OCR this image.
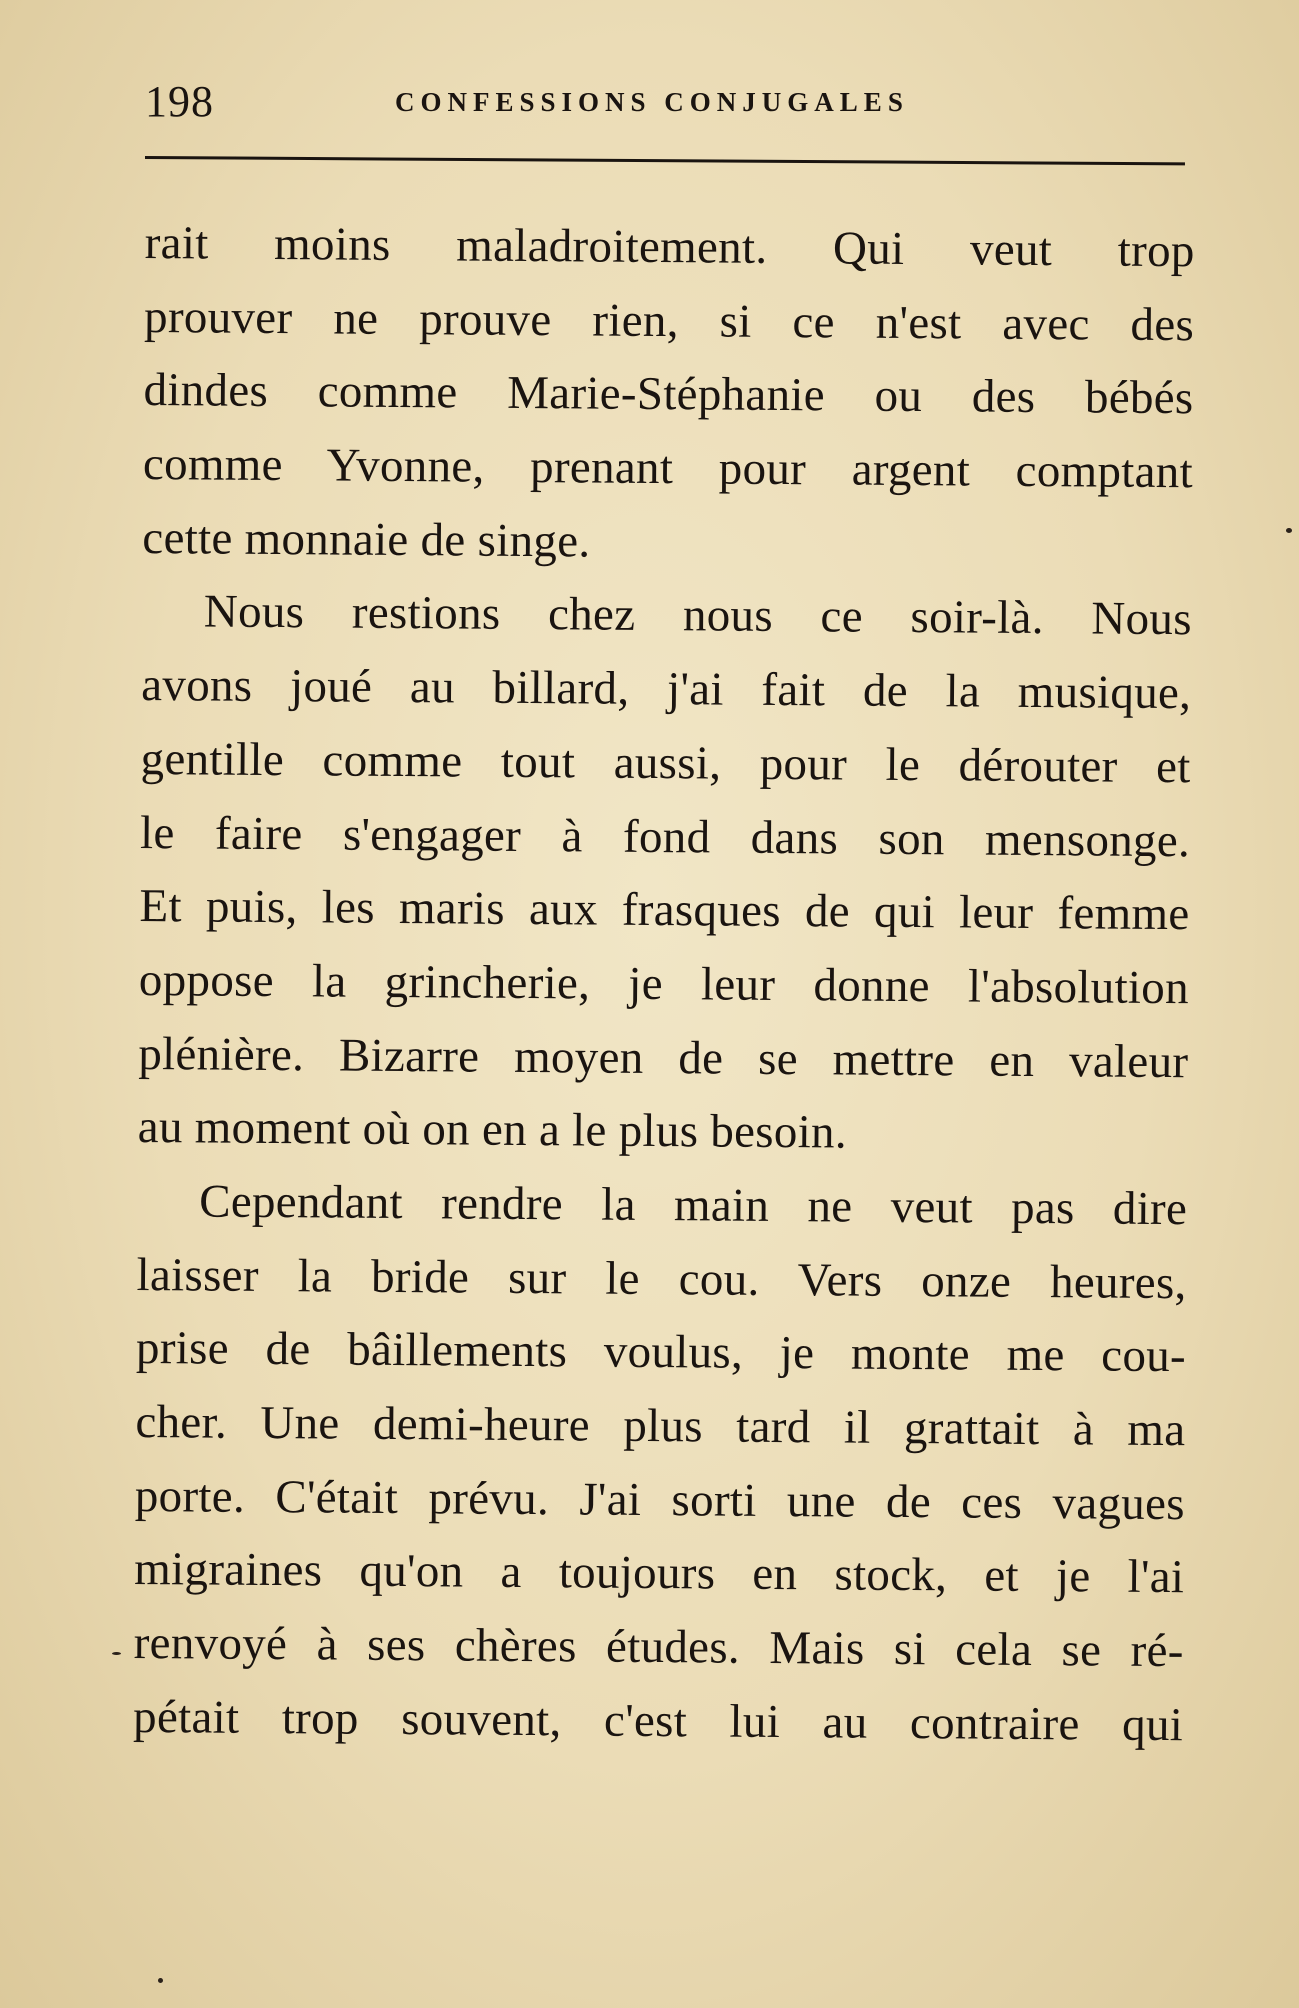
198	CONFESSIONS CONJUGALES
rait moins maladroitement. Qui veut trop
prouver ne prouve rien, si ce n'est avec des
dindes comme Marie-Stéphanie ou des bébés
comme Yvonne, prenant pour argent comptant
cette monnaie de singe.
Nous restions chez nous ce soir-là. Nous
avons joué au billard, j'ai fait de la musique,
gentille comme tout aussi, pour le dérouter et
le faire s'engager à fond dans son mensonge.
Et puis, les maris aux frasques de qui leur femme
oppose la grincherie, je leur donne l'absolution
plénière. Bizarre moyen de se mettre en valeur
au moment où on en a le plus besoin.
Cependant rendre la main ne veut pas dire
laisser la bride sur le cou. Vers onze heures,
prise de bâillements voulus, je monte me cou-
cher. Une demi-heure plus tard il grattait à ma
porte. C'était prévu. J'ai sorti une de ces vagues
migraines qu'on a toujours en stock, et je l'ai
renvoyé à ses chères études. Mais si cela se ré-
pétait trop souvent, c'est lui au contraire qui
